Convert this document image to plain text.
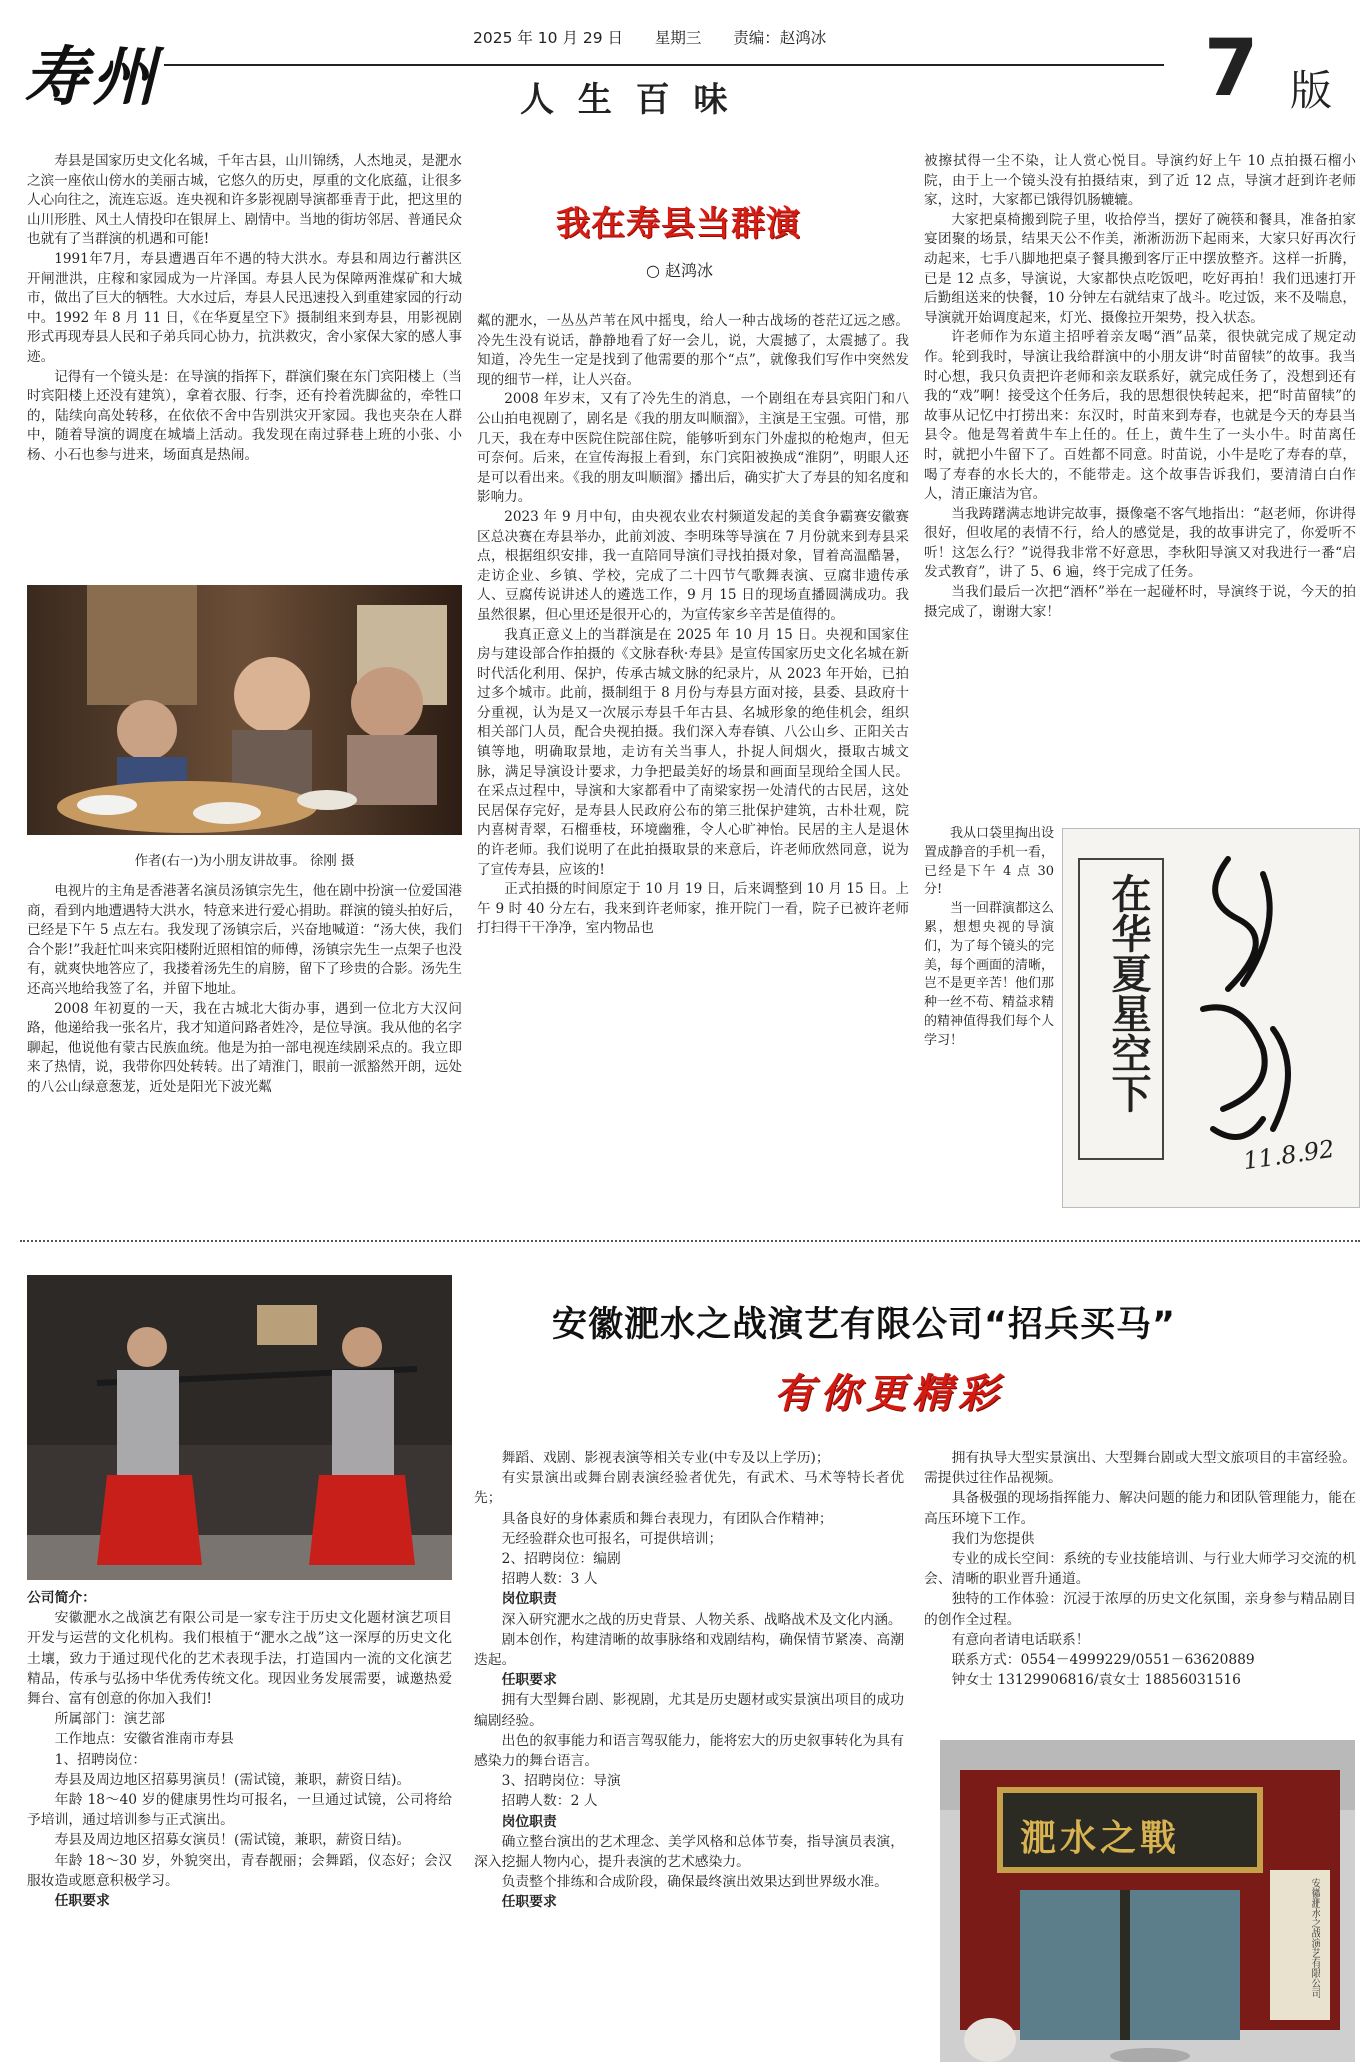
寿州
2025 年 10 月 29 日 星期三 责编：赵鸿冰
人 生 百 味	7 版

寿县是国家历史文化名城，千年古县，山川锦绣，人杰地灵，是淝水之滨一座依山傍水的美丽古城，它悠久的历史，厚重的文化底蕴，让很多人心向往之，流连忘返。连央视和许多影视剧导演都垂青于此，把这里的山川形胜、风土人情投印在银屏上、剧情中。当地的街坊邻居、普通民众也就有了当群演的机遇和可能!

1991年7月，寿县遭遇百年不遇的特大洪水。寿县和周边行蓄洪区开闸泄洪，庄稼和家园成为一片泽国。寿县人民为保障两淮煤矿和大城市，做出了巨大的牺牲。大水过后，寿县人民迅速投入到重建家园的行动中。1992 年 8 月 11 日，《在华夏星空下》摄制组来到寿县，用影视剧形式再现寿县人民和子弟兵同心协力，抗洪救灾，舍小家保大家的感人事迹。

记得有一个镜头是：在导演的指挥下，群演们聚在东门宾阳楼上（当时宾阳楼上还没有建筑），拿着衣服、行李，还有拎着洗脚盆的，牵牲口的，陆续向高处转移，在依依不舍中告别洪灾开家园。我也夹杂在人群中，随着导演的调度在城墙上活动。我发现在南过驿巷上班的小张、小杨、小石也参与进来，场面真是热闹。

作者(右一)为小朋友讲故事。 徐刚 摄

电视片的主角是香港著名演员汤镇宗先生，他在剧中扮演一位爱国港商，看到内地遭遇特大洪水，特意来进行爱心捐助。群演的镜头拍好后，已经是下午 5 点左右。我发现了汤镇宗后，兴奋地喊道：“汤大侠，我们合个影!”我赶忙叫来宾阳楼附近照相馆的师傅，汤镇宗先生一点架子也没有，就爽快地答应了，我搂着汤先生的肩膀，留下了珍贵的合影。汤先生还高兴地给我签了名，并留下地址。

2008 年初夏的一天，我在古城北大街办事，遇到一位北方大汉问路，他递给我一张名片，我才知道问路者姓冷，是位导演。我从他的名字聊起，他说他有蒙古民族血统。他是为拍一部电视连续剧采点的。我立即来了热情，说，我带你四处转转。出了靖淮门，眼前一派豁然开朗，远处的八公山绿意葱茏，近处是阳光下波光粼

我在寿县当群演
○ 赵鸿冰

粼的淝水，一丛丛芦苇在风中摇曳，给人一种古战场的苍茫辽远之感。冷先生没有说话，静静地看了好一会儿，说，大震撼了，太震撼了。我知道，冷先生一定是找到了他需要的那个“点”，就像我们写作中突然发现的细节一样，让人兴奋。

2008 年岁末，又有了冷先生的消息，一个剧组在寿县宾阳门和八公山拍电视剧了，剧名是《我的朋友叫顺溜》，主演是王宝强。可惜，那几天，我在寿中医院住院部住院，能够听到东门外虚拟的枪炮声，但无可奈何。后来，在宣传海报上看到，东门宾阳被换成“淮阴”，明眼人还是可以看出来。《我的朋友叫顺溜》播出后，确实扩大了寿县的知名度和影响力。

2023 年 9 月中旬，由央视农业农村频道发起的美食争霸赛安徽赛区总决赛在寿县举办，此前刘波、李明珠等导演在 7 月份就来到寿县采点，根据组织安排，我一直陪同导演们寻找拍摄对象，冒着高温酷暑，走访企业、乡镇、学校，完成了二十四节气歌舞表演、豆腐非遗传承人、豆腐传说讲述人的遴选工作，9 月 15 日的现场直播圆满成功。我虽然很累，但心里还是很开心的，为宣传家乡辛苦是值得的。

我真正意义上的当群演是在 2025 年 10 月 15 日。央视和国家住房与建设部合作拍摄的《文脉春秋·寿县》是宣传国家历史文化名城在新时代活化利用、保护，传承古城文脉的纪录片，从 2023 年开始，已拍过多个城市。此前，摄制组于 8 月份与寿县方面对接，县委、县政府十分重视，认为是又一次展示寿县千年古县、名城形象的绝佳机会，组织相关部门人员，配合央视拍摄。我们深入寿春镇、八公山乡、正阳关古镇等地，明确取景地，走访有关当事人，扑捉人间烟火，摄取古城文脉，满足导演设计要求，力争把最美好的场景和画面呈现给全国人民。在采点过程中，导演和大家都看中了南梁家拐一处清代的古民居，这处民居保存完好，是寿县人民政府公布的第三批保护建筑，古朴壮观，院内喜树青翠，石榴垂枝，环境幽雅，令人心旷神怡。民居的主人是退休的许老师。我们说明了在此拍摄取景的来意后，许老师欣然同意，说为了宣传寿县，应该的!

正式拍摄的时间原定于 10 月 19 日，后来调整到 10 月 15 日。上午 9 时 40 分左右，我来到许老师家，推开院门一看，院子已被许老师打扫得干干净净，室内物品也

被擦拭得一尘不染，让人赏心悦目。导演约好上午 10 点拍摄石榴小院，由于上一个镜头没有拍摄结束，到了近 12 点，导演才赶到许老师家，这时，大家都已饿得饥肠辘辘。

大家把桌椅搬到院子里，收拾停当，摆好了碗筷和餐具，准备拍家宴团聚的场景，结果天公不作美，淅淅沥沥下起雨来，大家只好再次行动起来，七手八脚地把桌子餐具搬到客厅正中摆放整齐。这样一折腾，已是 12 点多，导演说，大家都快点吃饭吧，吃好再拍！我们迅速打开后勤组送来的快餐，10 分钟左右就结束了战斗。吃过饭，来不及喘息，导演就开始调度起来，灯光、摄像拉开架势，投入状态。

许老师作为东道主招呼着亲友喝“酒”品菜，很快就完成了规定动作。轮到我时，导演让我给群演中的小朋友讲“时苗留犊”的故事。我当时心想，我只负责把许老师和亲友联系好，就完成任务了，没想到还有我的“戏”啊！接受这个任务后，我的思想很快转起来，把“时苗留犊”的故事从记忆中打捞出来：东汉时，时苗来到寿春，也就是今天的寿县当县令。他是驾着黄牛车上任的。任上，黄牛生了一头小牛。时苗离任时，就把小牛留下了。百姓都不同意。时苗说，小牛是吃了寿春的草，喝了寿春的水长大的，不能带走。这个故事告诉我们，要清清白白作人，清正廉洁为官。

当我踌躇满志地讲完故事，摄像毫不客气地指出：“赵老师，你讲得很好，但收尾的表情不行，给人的感觉是，我的故事讲完了，你爱听不听！这怎么行？”说得我非常不好意思，李秋阳导演又对我进行一番“启发式教育”，讲了 5、6 遍，终于完成了任务。

当我们最后一次把“酒杯”举在一起碰杯时，导演终于说，今天的拍摄完成了，谢谢大家！

我从口袋里掏出设置成静音的手机一看，已经是下午 4 点 30 分!

当一回群演都这么累，想想央视的导演们，为了每个镜头的完美，每个画面的清晰，岂不是更辛苦！他们那种一丝不苟、精益求精的精神值得我们每个人学习！	在华夏星空下
11.8.92
安徽淝水之战演艺有限公司“招兵买马”
有你更精彩

公司简介：

安徽淝水之战演艺有限公司是一家专注于历史文化题材演艺项目开发与运营的文化机构。我们根植于“淝水之战”这一深厚的历史文化土壤，致力于通过现代化的艺术表现手法，打造国内一流的文化演艺精品，传承与弘扬中华优秀传统文化。现因业务发展需要，诚邀热爱舞台、富有创意的你加入我们!

所属部门：演艺部

工作地点：安徽省淮南市寿县

1、招聘岗位：

寿县及周边地区招募男演员！(需试镜，兼职，薪资日结)。

年龄 18～40 岁的健康男性均可报名，一旦通过试镜，公司将给予培训，通过培训参与正式演出。

寿县及周边地区招募女演员！(需试镜，兼职，薪资日结)。

年龄 18～30 岁，外貌突出，青春靓丽；会舞蹈，仪态好；会汉服妆造或愿意积极学习。

任职要求

舞蹈、戏剧、影视表演等相关专业(中专及以上学历)；

有实景演出或舞台剧表演经验者优先，有武术、马术等特长者优先；

具备良好的身体素质和舞台表现力，有团队合作精神；

无经验群众也可报名，可提供培训；

2、招聘岗位：编剧

招聘人数：3 人

岗位职责

深入研究淝水之战的历史背景、人物关系、战略战术及文化内涵。

剧本创作，构建清晰的故事脉络和戏剧结构，确保情节紧凑、高潮迭起。

任职要求

拥有大型舞台剧、影视剧，尤其是历史题材或实景演出项目的成功编剧经验。

出色的叙事能力和语言驾驭能力，能将宏大的历史叙事转化为具有感染力的舞台语言。

3、招聘岗位：导演

招聘人数：2 人

岗位职责

确立整台演出的艺术理念、美学风格和总体节奏，指导演员表演，深入挖掘人物内心，提升表演的艺术感染力。

负责整个排练和合成阶段，确保最终演出效果达到世界级水准。

任职要求

拥有执导大型实景演出、大型舞台剧或大型文旅项目的丰富经验。需提供过往作品视频。

具备极强的现场指挥能力、解决问题的能力和团队管理能力，能在高压环境下工作。

我们为您提供

专业的成长空间：系统的专业技能培训、与行业大师学习交流的机会、清晰的职业晋升通道。

独特的工作体验：沉浸于浓厚的历史文化氛围，亲身参与精品剧目的创作全过程。

有意向者请电话联系！

联系方式：0554－4999229/0551－63620889

钟女士 13129906816/袁女士 18856031516

淝水之戰
安徽淝水之战演艺有限公司
